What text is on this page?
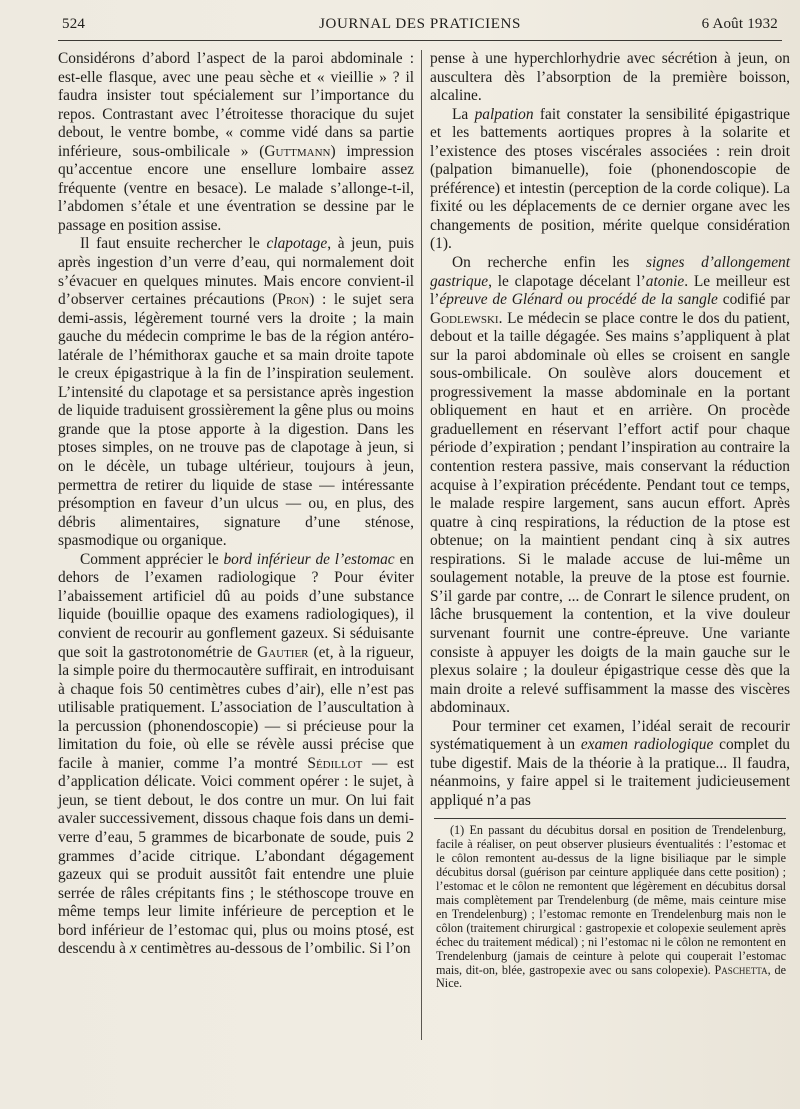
524	JOURNAL DES PRATICIENS	6 Août 1932

Considérons d’abord l’aspect de la paroi abdominale : est-elle flasque, avec une peau sèche et « vieillie » ? il faudra insister tout spécialement sur l’importance du repos. Contrastant avec l’étroitesse thoracique du sujet debout, le ventre bombe, « comme vidé dans sa partie inférieure, sous-ombilicale » (Guttmann) impression qu’accentue encore une ensellure lombaire assez fréquente (ventre en besace). Le malade s’allonge-t-il, l’abdomen s’étale et une éventration se dessine par le passage en position assise.

Il faut ensuite rechercher le clapotage, à jeun, puis après ingestion d’un verre d’eau, qui normalement doit s’évacuer en quelques minutes. Mais encore convient-il d’observer certaines précautions (Pron) : le sujet sera demi-assis, légèrement tourné vers la droite ; la main gauche du médecin comprime le bas de la région antéro-latérale de l’hémithorax gauche et sa main droite tapote le creux épigastrique à la fin de l’inspiration seulement. L’intensité du clapotage et sa persistance après ingestion de liquide traduisent grossièrement la gêne plus ou moins grande que la ptose apporte à la digestion. Dans les ptoses simples, on ne trouve pas de clapotage à jeun, si on le décèle, un tubage ultérieur, toujours à jeun, permettra de retirer du liquide de stase — intéressante présomption en faveur d’un ulcus — ou, en plus, des débris alimentaires, signature d’une sténose, spasmodique ou organique.

Comment apprécier le bord inférieur de l’estomac en dehors de l’examen radiologique ? Pour éviter l’abaissement artificiel dû au poids d’une substance liquide (bouillie opaque des examens radiologiques), il convient de recourir au gonflement gazeux. Si séduisante que soit la gastrotonométrie de Gautier (et, à la rigueur, la simple poire du thermocautère suffirait, en introduisant à chaque fois 50 centimètres cubes d’air), elle n’est pas utilisable pratiquement. L’association de l’auscultation à la percussion (phonendoscopie) — si précieuse pour la limitation du foie, où elle se révèle aussi précise que facile à manier, comme l’a montré Sédillot — est d’application délicate. Voici comment opérer : le sujet, à jeun, se tient debout, le dos contre un mur. On lui fait avaler successivement, dissous chaque fois dans un demi-verre d’eau, 5 grammes de bicarbonate de soude, puis 2 grammes d’acide citrique. L’abondant dégagement gazeux qui se produit aussitôt fait entendre une pluie serrée de râles crépitants fins ; le stéthoscope trouve en même temps leur limite inférieure de perception et le bord inférieur de l’estomac qui, plus ou moins ptosé, est descendu à x centimètres au-dessous de l’ombilic. Si l’on

pense à une hyperchlorhydrie avec sécrétion à jeun, on auscultera dès l’absorption de la première boisson, alcaline.

La palpation fait constater la sensibilité épigastrique et les battements aortiques propres à la solarite et l’existence des ptoses viscérales associées : rein droit (palpation bimanuelle), foie (phonendoscopie de préférence) et intestin (perception de la corde colique). La fixité ou les déplacements de ce dernier organe avec les changements de position, mérite quelque considération (1).

On recherche enfin les signes d’allongement gastrique, le clapotage décelant l’atonie. Le meilleur est l’épreuve de Glénard ou procédé de la sangle codifié par Godlewski. Le médecin se place contre le dos du patient, debout et la taille dégagée. Ses mains s’appliquent à plat sur la paroi abdominale où elles se croisent en sangle sous-ombilicale. On soulève alors doucement et progressivement la masse abdominale en la portant obliquement en haut et en arrière. On procède graduellement en réservant l’effort actif pour chaque période d’expiration ; pendant l’inspiration au contraire la contention restera passive, mais conservant la réduction acquise à l’expiration précédente. Pendant tout ce temps, le malade respire largement, sans aucun effort. Après quatre à cinq respirations, la réduction de la ptose est obtenue; on la maintient pendant cinq à six autres respirations. Si le malade accuse de lui-même un soulagement notable, la preuve de la ptose est fournie. S’il garde par contre, ... de Conrart le silence prudent, on lâche brusquement la contention, et la vive douleur survenant fournit une contre-épreuve. Une variante consiste à appuyer les doigts de la main gauche sur le plexus solaire ; la douleur épigastrique cesse dès que la main droite a relevé suffisamment la masse des viscères abdominaux.

Pour terminer cet examen, l’idéal serait de recourir systématiquement à un examen radiologique complet du tube digestif. Mais de la théorie à la pratique... Il faudra, néanmoins, y faire appel si le traitement judicieusement appliqué n’a pas

(1) En passant du décubitus dorsal en position de Trendelenburg, facile à réaliser, on peut observer plusieurs éventualités : l’estomac et le côlon remontent au-dessus de la ligne bisiliaque par le simple décubitus dorsal (guérison par ceinture appliquée dans cette position) ; l’estomac et le côlon ne remontent que légèrement en décubitus dorsal mais complètement par Trendelenburg (de même, mais ceinture mise en Trendelenburg) ; l’estomac remonte en Trendelenburg mais non le côlon (traitement chirurgical : gastropexie et colopexie seulement après échec du traitement médical) ; ni l’estomac ni le côlon ne remontent en Trendelenburg (jamais de ceinture à pelote qui couperait l’estomac mais, dit-on, blée, gastropexie avec ou sans colopexie). Paschetta, de Nice.
